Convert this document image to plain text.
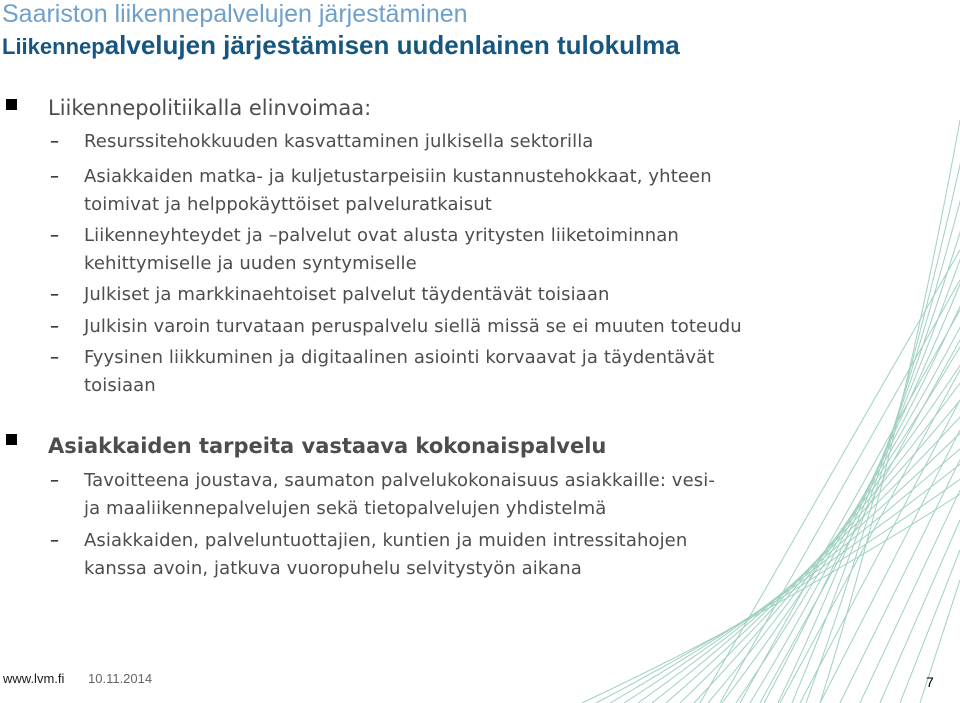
Saariston liikennepalvelujen järjestäminen
Liikennepalvelujen järjestämisen uudenlainen tulokulma
Liikennepolitiikalla elinvoimaa:
– Resurssitehokkuuden kasvattaminen julkisella sektorilla
– Asiakkaiden matka- ja kuljetustarpeisiin kustannustehokkaat, yhteen
toimivat ja helppokäyttöiset palveluratkaisut
– Liikenneyhteydet ja –palvelut ovat alusta yritysten liiketoiminnan
kehittymiselle ja uuden syntymiselle
– Julkiset ja markkinaehtoiset palvelut täydentävät toisiaan
– Julkisin varoin turvataan peruspalvelu siellä missä se ei muuten toteudu
– Fyysinen liikkuminen ja digitaalinen asiointi korvaavat ja täydentävät
toisiaan
Asiakkaiden tarpeita vastaava kokonaispalvelu
– Tavoitteena joustava, saumaton palvelukokonaisuus asiakkaille: vesi-
ja maaliikennepalvelujen sekä tietopalvelujen yhdistelmä
– Asiakkaiden, palveluntuottajien, kuntien ja muiden intressitahojen
kanssa avoin, jatkuva vuoropuhelu selvitystyön aikana
www.lvm.fi 10.11.2014	7
